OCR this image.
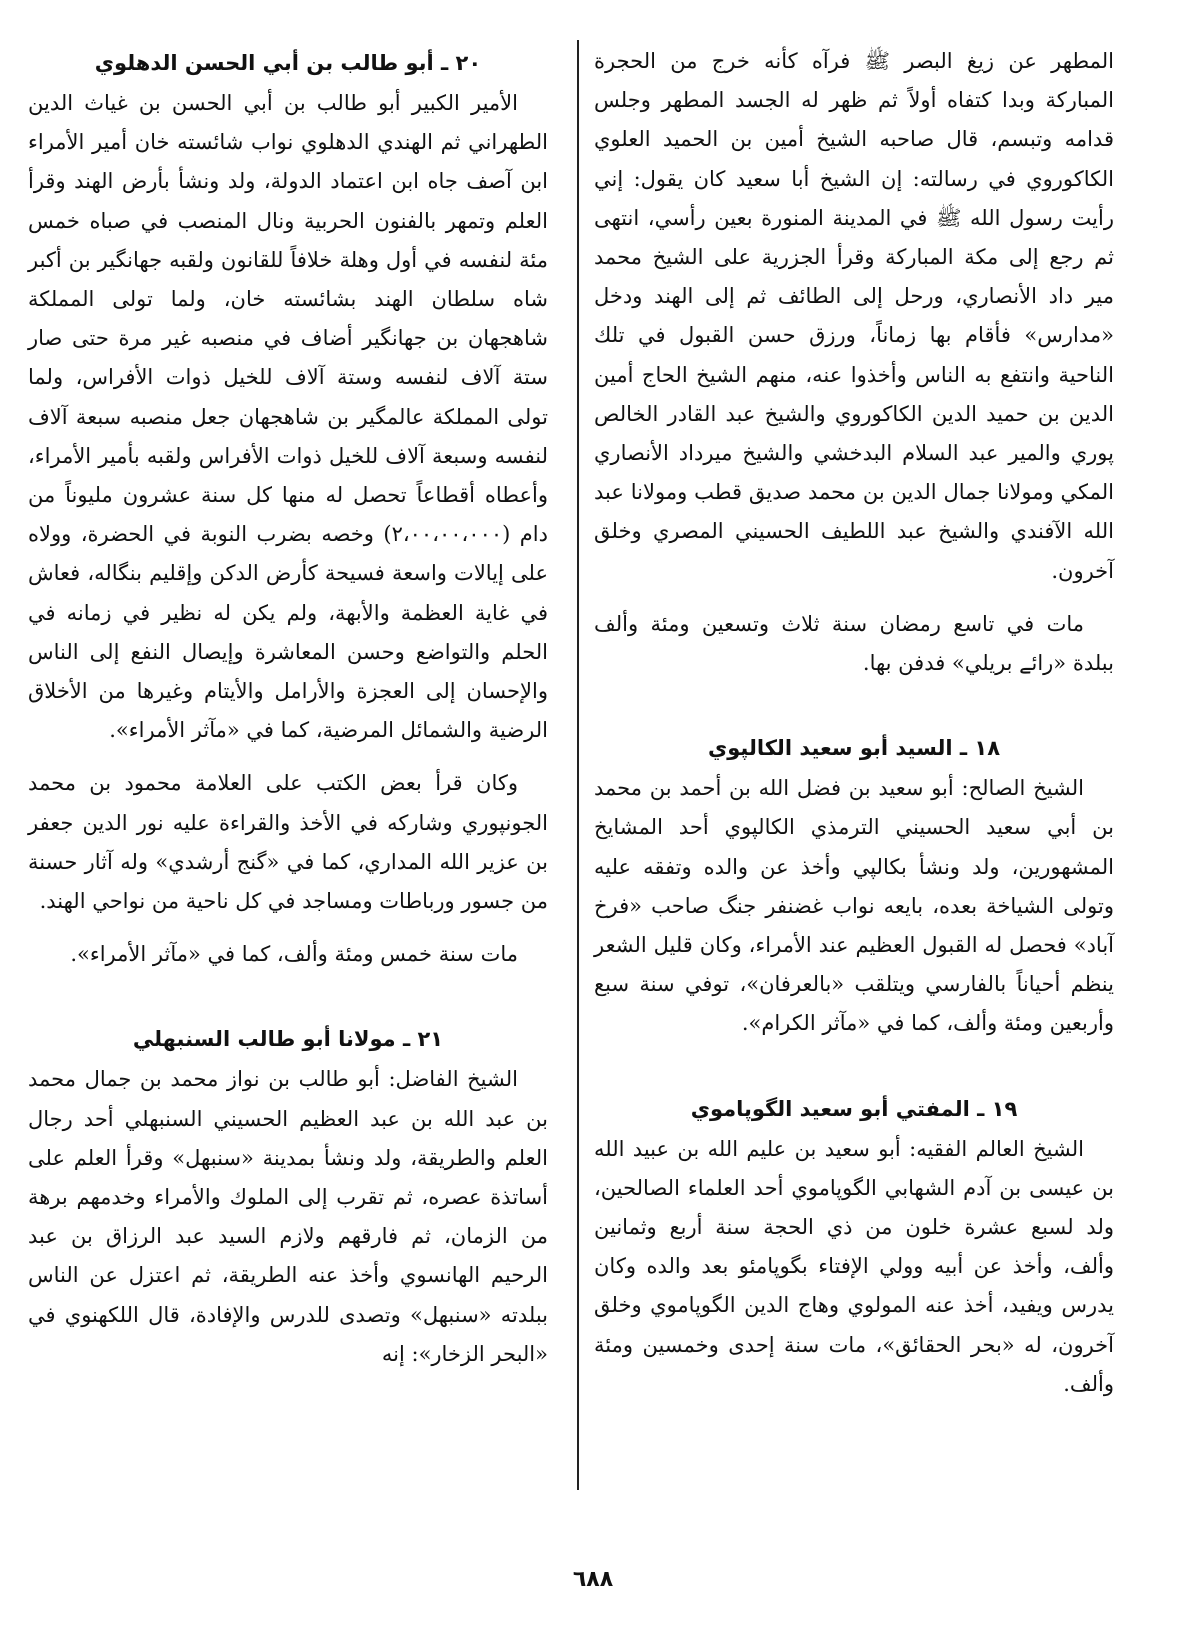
المطهر عن زيغ البصر ﷺ فرآه كأنه خرج من الحجرة المباركة وبدا كتفاه أولاً ثم ظهر له الجسد المطهر وجلس قدامه وتبسم، قال صاحبه الشيخ أمين بن الحميد العلوي الكاكوروي في رسالته: إن الشيخ أبا سعيد كان يقول: إني رأيت رسول الله ﷺ في المدينة المنورة بعين رأسي، انتهى ثم رجع إلى مكة المباركة وقرأ الجزرية على الشيخ محمد مير داد الأنصاري، ورحل إلى الطائف ثم إلى الهند ودخل «مدارس» فأقام بها زماناً، ورزق حسن القبول في تلك الناحية وانتفع به الناس وأخذوا عنه، منهم الشيخ الحاج أمين الدين بن حميد الدين الكاكوروي والشيخ عبد القادر الخالص پوري والمير عبد السلام البدخشي والشيخ ميرداد الأنصاري المكي ومولانا جمال الدين بن محمد صديق قطب ومولانا عبد الله الآفندي والشيخ عبد اللطيف الحسيني المصري وخلق آخرون.

مات في تاسع رمضان سنة ثلاث وتسعين ومئة وألف ببلدة «رائے بريلي» فدفن بها.

١٨ ـ السيد أبو سعيد الكالپوي

الشيخ الصالح: أبو سعيد بن فضل الله بن أحمد بن محمد بن أبي سعيد الحسيني الترمذي الكالپوي أحد المشايخ المشهورين، ولد ونشأ بكالپي وأخذ عن والده وتفقه عليه وتولى الشياخة بعده، بايعه نواب غضنفر جنگ صاحب «فرخ آباد» فحصل له القبول العظيم عند الأمراء، وكان قليل الشعر ينظم أحياناً بالفارسي ويتلقب «بالعرفان»، توفي سنة سبع وأربعين ومئة وألف، كما في «مآثر الكرام».

١٩ ـ المفتي أبو سعيد الگوپاموي

الشيخ العالم الفقيه: أبو سعيد بن عليم الله بن عبيد الله بن عيسى بن آدم الشهابي الگوپاموي أحد العلماء الصالحين، ولد لسبع عشرة خلون من ذي الحجة سنة أربع وثمانين وألف، وأخذ عن أبيه وولي الإفتاء بگوپامئو بعد والده وكان يدرس ويفيد، أخذ عنه المولوي وهاج الدين الگوپاموي وخلق آخرون، له «بحر الحقائق»، مات سنة إحدى وخمسين ومئة وألف.

٢٠ ـ أبو طالب بن أبي الحسن الدهلوي

الأمير الكبير أبو طالب بن أبي الحسن بن غياث الدين الطهراني ثم الهندي الدهلوي نواب شائسته خان أمير الأمراء ابن آصف جاه ابن اعتماد الدولة، ولد ونشأ بأرض الهند وقرأ العلم وتمهر بالفنون الحربية ونال المنصب في صباه خمس مئة لنفسه في أول وهلة خلافاً للقانون ولقبه جهانگير بن أكبر شاه سلطان الهند بشائسته خان، ولما تولى المملكة شاهجهان بن جهانگير أضاف في منصبه غير مرة حتى صار ستة آلاف لنفسه وستة آلاف للخيل ذوات الأفراس، ولما تولى المملكة عالمگير بن شاهجهان جعل منصبه سبعة آلاف لنفسه وسبعة آلاف للخيل ذوات الأفراس ولقبه بأمير الأمراء، وأعطاه أقطاعاً تحصل له منها كل سنة عشرون مليوناً من دام (٢،٠٠،٠٠،٠٠٠) وخصه بضرب النوبة في الحضرة، وولاه على إيالات واسعة فسيحة كأرض الدكن وإقليم بنگاله، فعاش في غاية العظمة والأبهة، ولم يكن له نظير في زمانه في الحلم والتواضع وحسن المعاشرة وإيصال النفع إلى الناس والإحسان إلى العجزة والأرامل والأيتام وغيرها من الأخلاق الرضية والشمائل المرضية، كما في «مآثر الأمراء».

وكان قرأ بعض الكتب على العلامة محمود بن محمد الجونپوري وشاركه في الأخذ والقراءة عليه نور الدين جعفر بن عزير الله المداري، كما في «گنج أرشدي» وله آثار حسنة من جسور ورباطات ومساجد في كل ناحية من نواحي الهند.

مات سنة خمس ومئة وألف، كما في «مآثر الأمراء».

٢١ ـ مولانا أبو طالب السنبهلي

الشيخ الفاضل: أبو طالب بن نواز محمد بن جمال محمد بن عبد الله بن عبد العظيم الحسيني السنبهلي أحد رجال العلم والطريقة، ولد ونشأ بمدينة «سنبهل» وقرأ العلم على أساتذة عصره، ثم تقرب إلى الملوك والأمراء وخدمهم برهة من الزمان، ثم فارقهم ولازم السيد عبد الرزاق بن عبد الرحيم الهانسوي وأخذ عنه الطريقة، ثم اعتزل عن الناس ببلدته «سنبهل» وتصدى للدرس والإفادة، قال اللكهنوي في «البحر الزخار»: إنه

٦٨٨
